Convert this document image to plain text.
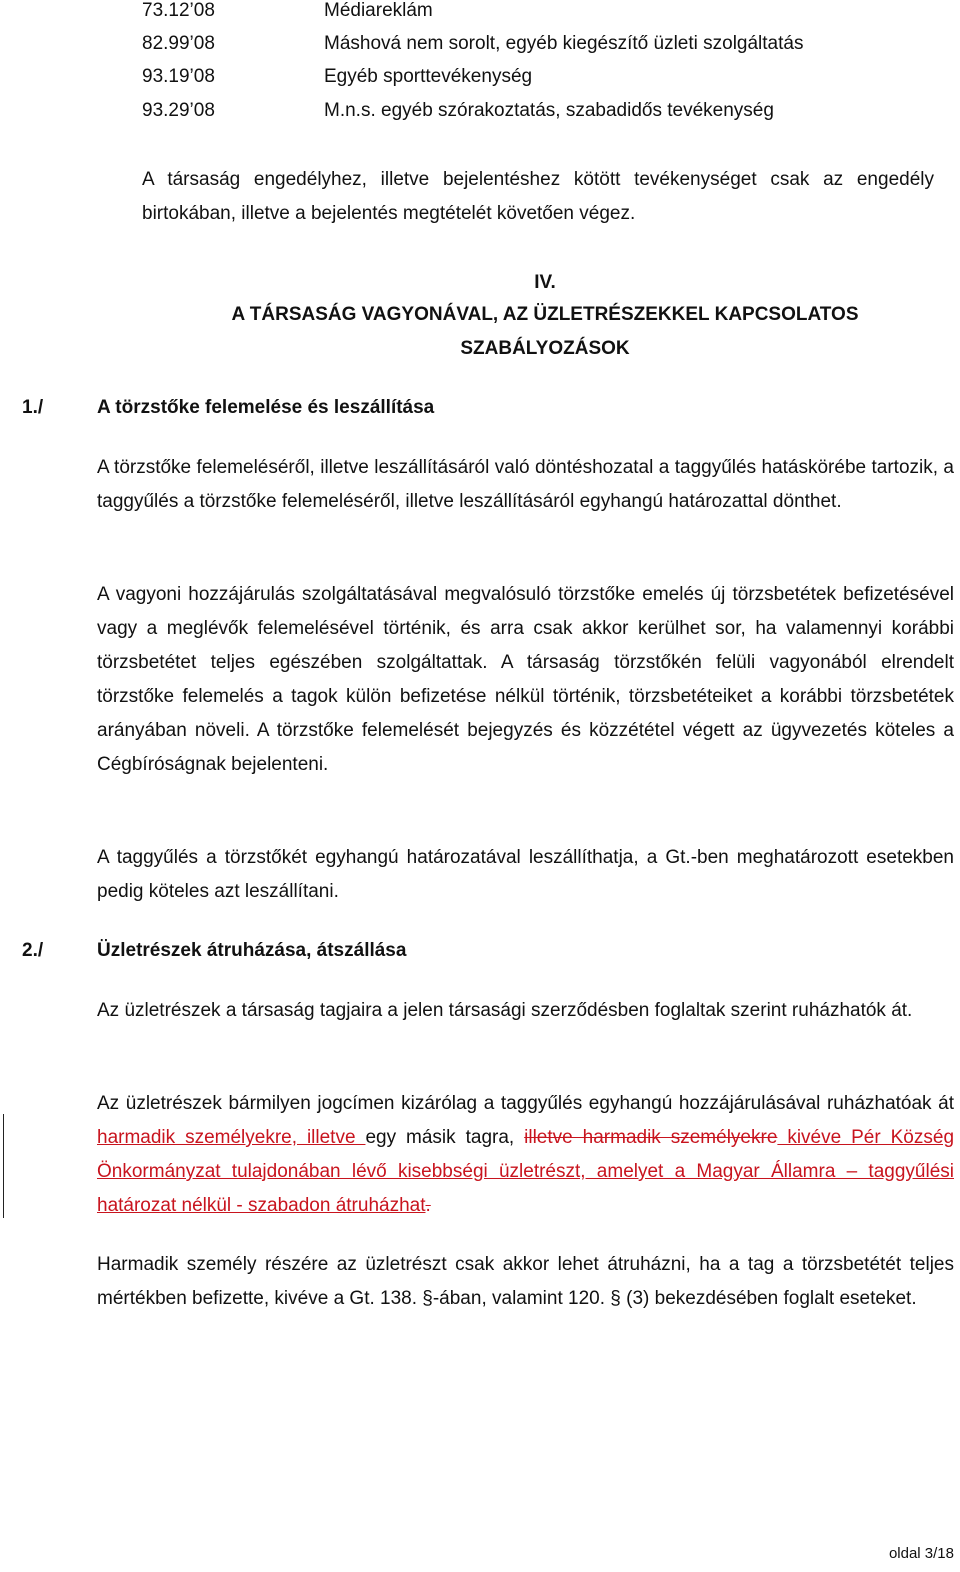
73.12’08	Médiareklám
82.99’08	Máshová nem sorolt, egyéb kiegészítő üzleti szolgáltatás
93.19’08	Egyéb sporttevékenység
93.29’08	M.n.s. egyéb szórakoztatás, szabadidős tevékenység
A társaság engedélyhez, illetve bejelentéshez kötött tevékenységet csak az engedély birtokában, illetve a bejelentés megtételét követően végez.
IV.
A TÁRSASÁG VAGYONÁVAL, AZ ÜZLETRÉSZEKKEL KAPCSOLATOS SZABÁLYOZÁSOK
1./	A törzstőke felemelése és leszállítása
A törzstőke felemeléséről, illetve leszállításáról való döntéshozatal a taggyűlés hatáskörébe tartozik, a taggyűlés a törzstőke felemeléséről, illetve leszállításáról egyhangú határozattal dönthet.
A vagyoni hozzájárulás szolgáltatásával megvalósuló törzstőke emelés új törzsbetétek befizetésével vagy a meglévők felemelésével történik, és arra csak akkor kerülhet sor, ha valamennyi korábbi törzsbetétet teljes egészében szolgáltattak. A társaság törzstőkén felüli vagyonából elrendelt törzstőke felemelés a tagok külön befizetése nélkül történik, törzsbetéteiket a korábbi törzsbetétek arányában növeli. A törzstőke felemelését bejegyzés és közzététel végett az ügyvezetés köteles a Cégbíróságnak bejelenteni.
A taggyűlés a törzstőkét egyhangú határozatával leszállíthatja, a Gt.-ben meghatározott esetekben pedig köteles azt leszállítani.
2./	Üzletrészek átruházása, átszállása
Az üzletrészek a társaság tagjaira a jelen társasági szerződésben foglaltak szerint ruházhatók át.
Az üzletrészek bármilyen jogcímen kizárólag a taggyűlés egyhangú hozzájárulásával ruházhatóak át harmadik személyekre, illetve egy másik tagra, illetve harmadik személyekre kivéve Pér Község Önkormányzat tulajdonában lévő kisebbségi üzletrészt, amelyet a Magyar Államra – taggyűlési határozat nélkül - szabadon átruházhat.
Harmadik személy részére az üzletrészt csak akkor lehet átruházni, ha a tag a törzsbetétét teljes mértékben befizette, kivéve a Gt. 138. §-ában, valamint 120. § (3) bekezdésében foglalt eseteket.
oldal 3/18
